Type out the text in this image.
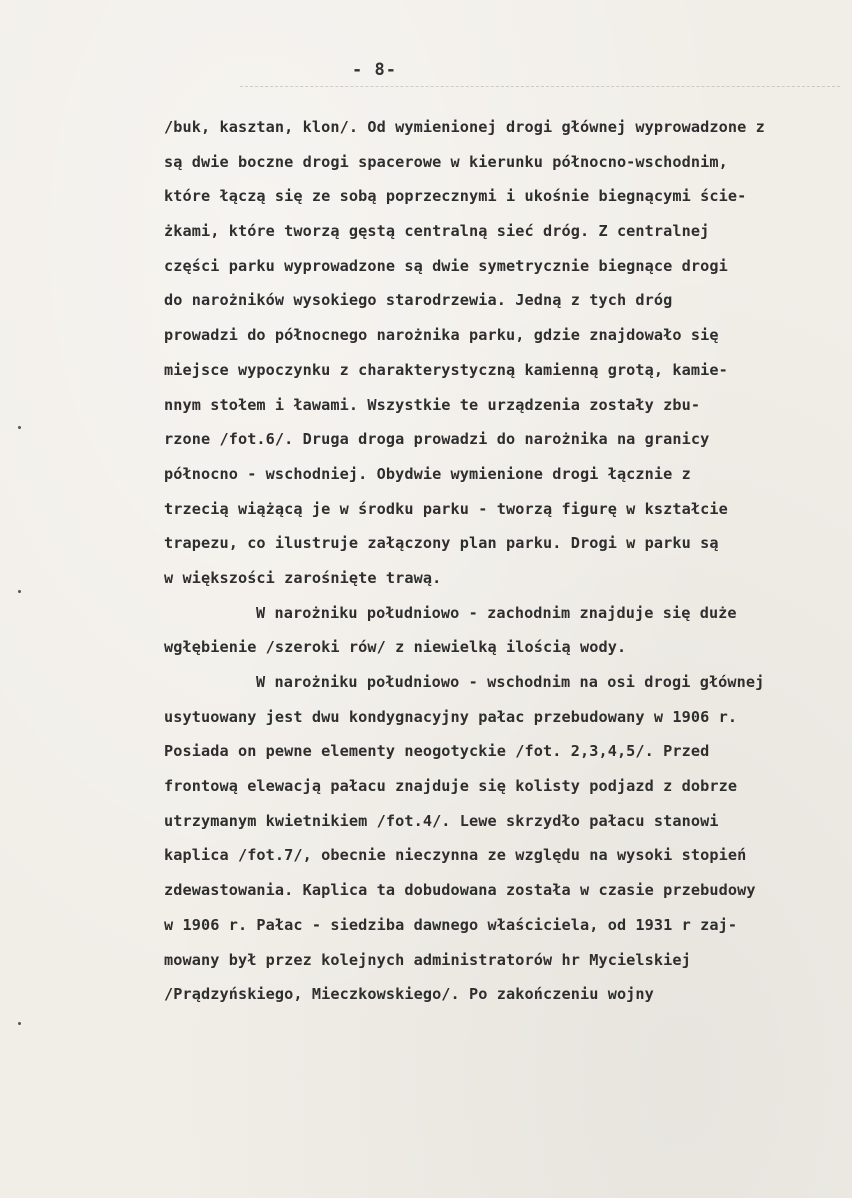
- 8-
/buk, kasztan, klon/. Od wymienionej drogi głównej wyprowadzone z
są dwie boczne drogi spacerowe w kierunku północno-wschodnim,
które łączą się ze sobą poprzecznymi i ukośnie biegnącymi ście-
żkami, które tworzą gęstą centralną sieć dróg. Z centralnej
części parku wyprowadzone są dwie symetrycznie biegnące drogi
do narożników wysokiego starodrzewia. Jedną z tych dróg
prowadzi do północnego narożnika parku, gdzie znajdowało się
miejsce wypoczynku z charakterystyczną kamienną grotą, kamie-
nnym stołem i ławami. Wszystkie te urządzenia zostały zbu-
rzone /fot.6/. Druga droga prowadzi do narożnika na granicy
północno - wschodniej. Obydwie wymienione drogi łącznie z
trzecią wiążącą je w środku parku - tworzą figurę w kształcie
trapezu, co ilustruje załączony plan parku. Drogi w parku są
w większości zarośnięte trawą.
W narożniku południowo - zachodnim znajduje się duże
wgłębienie /szeroki rów/ z niewielką ilością wody.
W narożniku południowo - wschodnim na osi drogi głównej
usytuowany jest dwu kondygnacyjny pałac przebudowany w 1906 r.
Posiada on pewne elementy neogotyckie /fot. 2,3,4,5/. Przed
frontową elewacją pałacu znajduje się kolisty podjazd z dobrze
utrzymanym kwietnikiem /fot.4/. Lewe skrzydło pałacu stanowi
kaplica /fot.7/, obecnie nieczynna ze względu na wysoki stopień
zdewastowania. Kaplica ta dobudowana została w czasie przebudowy
w 1906 r. Pałac - siedziba dawnego właściciela, od 1931 r zaj-
mowany był przez kolejnych administratorów hr Mycielskiej
/Prądzyńskiego, Mieczkowskiego/. Po zakończeniu wojny
